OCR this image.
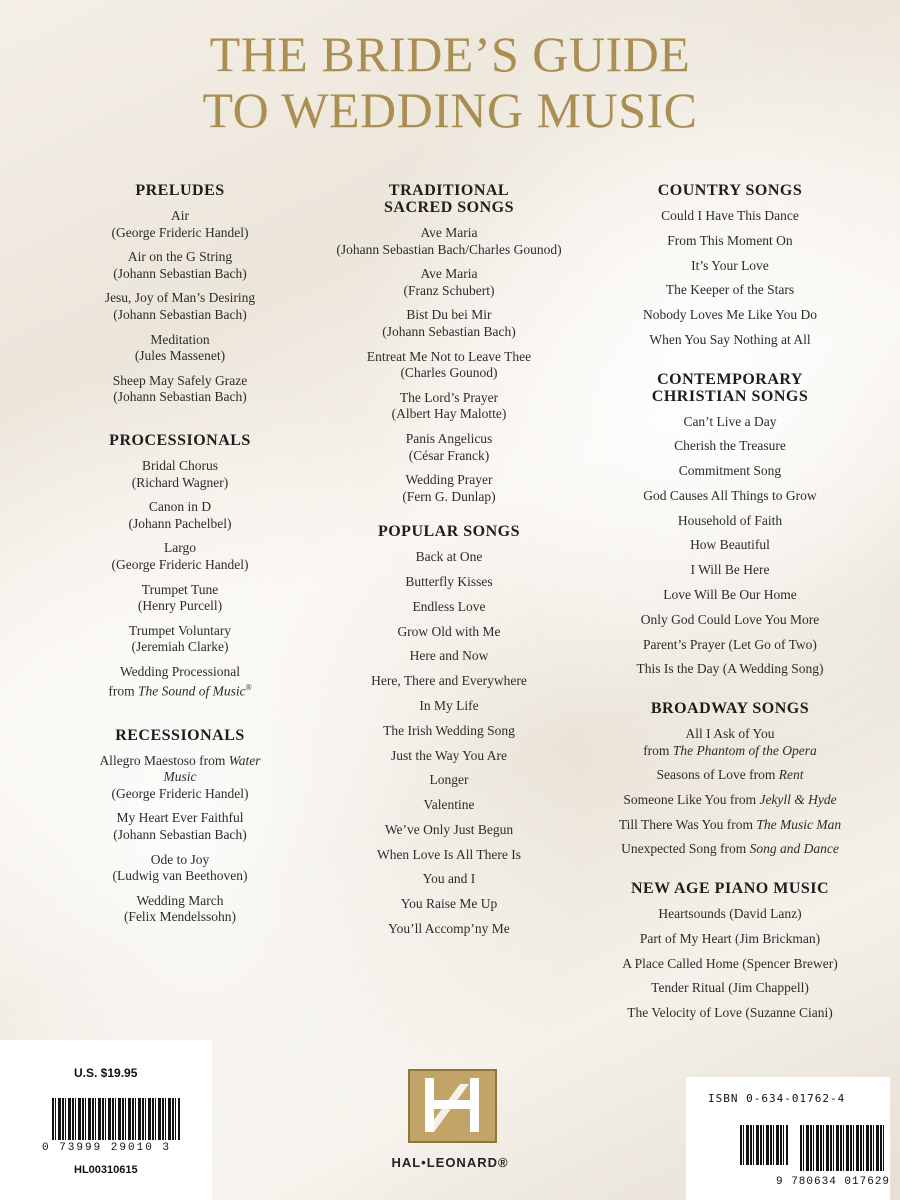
THE BRIDE’S GUIDE
TO WEDDING MUSIC
PRELUDES
Air
(George Frideric Handel)
Air on the G String
(Johann Sebastian Bach)
Jesu, Joy of Man’s Desiring
(Johann Sebastian Bach)
Meditation
(Jules Massenet)
Sheep May Safely Graze
(Johann Sebastian Bach)
PROCESSIONALS
Bridal Chorus
(Richard Wagner)
Canon in D
(Johann Pachelbel)
Largo
(George Frideric Handel)
Trumpet Tune
(Henry Purcell)
Trumpet Voluntary
(Jeremiah Clarke)
Wedding Processional
from The Sound of Music®
RECESSIONALS
Allegro Maestoso from Water Music
(George Frideric Handel)
My Heart Ever Faithful
(Johann Sebastian Bach)
Ode to Joy
(Ludwig van Beethoven)
Wedding March
(Felix Mendelssohn)
TRADITIONAL
SACRED SONGS
Ave Maria
(Johann Sebastian Bach/Charles Gounod)
Ave Maria
(Franz Schubert)
Bist Du bei Mir
(Johann Sebastian Bach)
Entreat Me Not to Leave Thee
(Charles Gounod)
The Lord’s Prayer
(Albert Hay Malotte)
Panis Angelicus
(César Franck)
Wedding Prayer
(Fern G. Dunlap)
POPULAR SONGS
Back at One
Butterfly Kisses
Endless Love
Grow Old with Me
Here and Now
Here, There and Everywhere
In My Life
The Irish Wedding Song
Just the Way You Are
Longer
Valentine
We’ve Only Just Begun
When Love Is All There Is
You and I
You Raise Me Up
You’ll Accomp’ny Me
COUNTRY SONGS
Could I Have This Dance
From This Moment On
It’s Your Love
The Keeper of the Stars
Nobody Loves Me Like You Do
When You Say Nothing at All
CONTEMPORARY
CHRISTIAN SONGS
Can’t Live a Day
Cherish the Treasure
Commitment Song
God Causes All Things to Grow
Household of Faith
How Beautiful
I Will Be Here
Love Will Be Our Home
Only God Could Love You More
Parent’s Prayer (Let Go of Two)
This Is the Day (A Wedding Song)
BROADWAY SONGS
All I Ask of You
from The Phantom of the Opera
Seasons of Love from Rent
Someone Like You from Jekyll & Hyde
Till There Was You from The Music Man
Unexpected Song from Song and Dance
NEW AGE PIANO MUSIC
Heartsounds (David Lanz)
Part of My Heart (Jim Brickman)
A Place Called Home (Spencer Brewer)
Tender Ritual (Jim Chappell)
The Velocity of Love (Suzanne Ciani)
U.S. $19.95
0 73999 29010 3
HL00310615	HAL•LEONARD®
ISBN 0-634-01762-4
9 780634 017629
